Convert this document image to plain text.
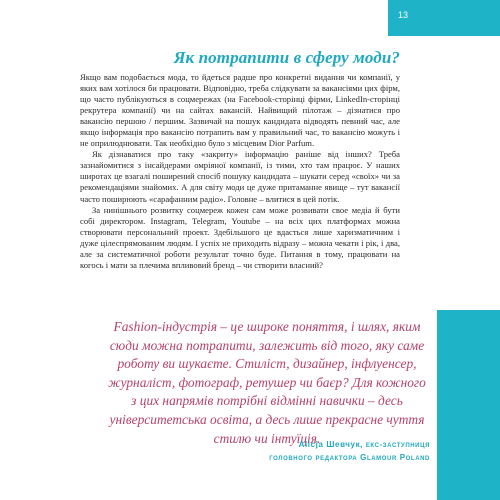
13
Як потрапити в сферу моди?

Якщо вам подобається мода, то йдеться радше про конкретні видання чи компанії, у яких вам хотілося би працювати. Відповідно, треба слідкувати за вакансіями цих фірм, що часто публікуються в соцмережах (на Facebook-сторінці фірми, LinkedIn-сторінці рекрутера компанії) чи на сайтах вакансій. Найвищий пілотаж – дізнатися про вакансію першою / першим. Зазвичай на пошук кандидата відводять певний час, але якщо інформація про вакансію потрапить вам у правильний час, то вакансію можуть і не оприлюднювати. Так необхідно було з місцевим Dior Parfum.

Як дізнаватися про таку «закриту» інформацію раніше від інших? Треба зазнайомитися з інсайдерами омріяної компанії, із тими, хто там працює. У наших широтах це взагалі поширений спосіб пошуку кандидата – шукати серед «своїх» чи за рекомендаціями знайомих. А для світу моди це дуже притаманне явище – тут вакансії часто поширюють «сарафанним радіо». Головне – влитися в цей потік.

За нинішнього розвитку соцмереж кожен сам може розвивати свое медіа й бути собі директором. Instagram, Telegram, Youtube – на всіх цих платформах можна створювати персональний проект. Здебільшого це вдасться лише харизматичним і дуже цілеспрямованим людям. І успіх не приходить відразу – можна чекати і рік, і два, але за систематичної роботи результат точно буде. Питання в тому, працювати на когось і мати за плечима впливовий бренд – чи створити власний?

Fashion-індустрія – це широке поняття, і шлях, яким сюди можна потрапити, залежить від того, яку саме роботу ви шукаєте. Стиліст, дизайнер, інфлуенсер, журналіст, фотограф, ретушер чи баєр? Для кожного з цих напрямів потрібні відмінні навички – десь університетська освіта, а десь лише прекрасне чуття стилю чи інтуїція.

Аlicja Шевчук, екс-заступниця
головного редактора Glamour Poland
